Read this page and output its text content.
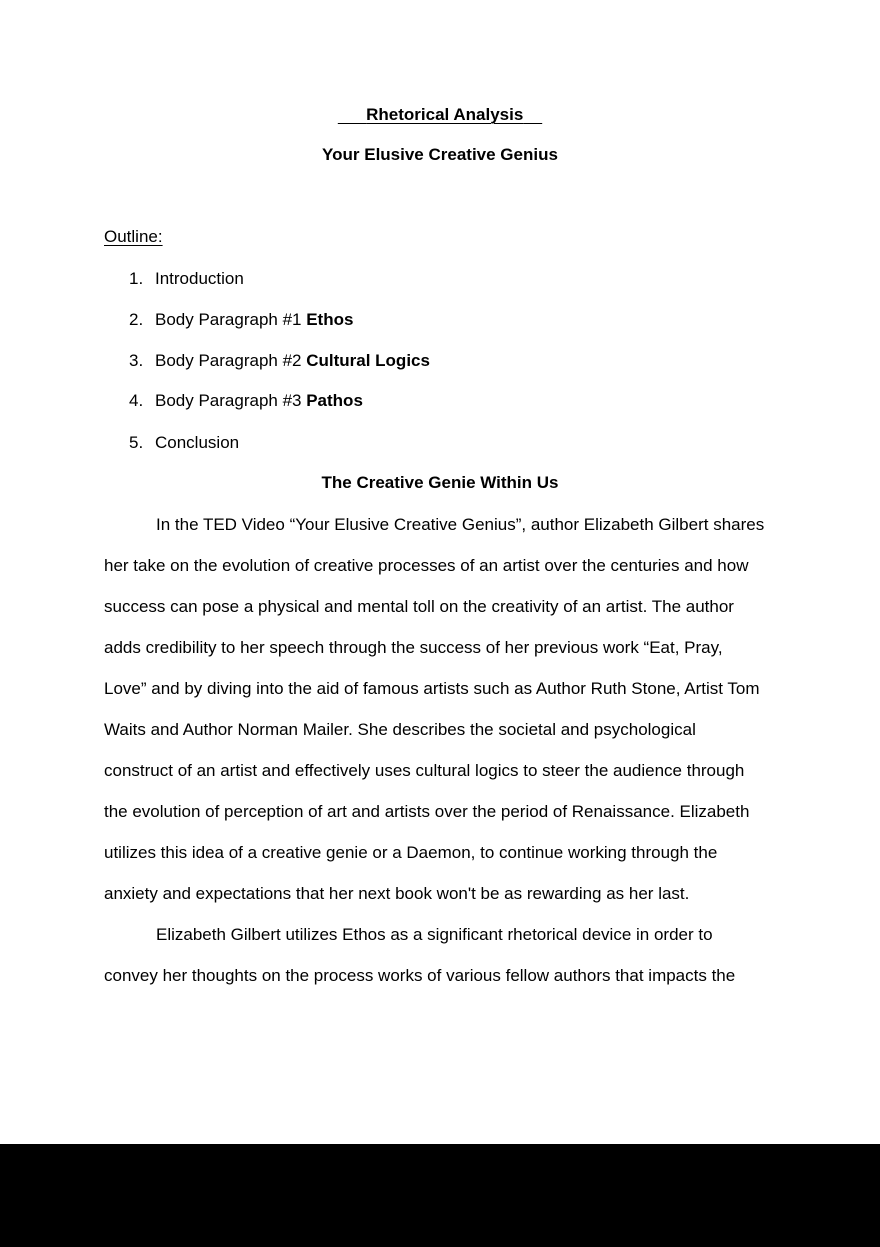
Rhetorical Analysis
Your Elusive Creative Genius
Outline:
1. Introduction
2. Body Paragraph #1 Ethos
3. Body Paragraph #2 Cultural Logics
4. Body Paragraph #3 Pathos
5. Conclusion
The Creative Genie Within Us
In the TED Video “Your Elusive Creative Genius”, author Elizabeth Gilbert shares
her take on the evolution of creative processes of an artist over the centuries and how
success can pose a physical and mental toll on the creativity of an artist. The author
adds credibility to her speech through the success of her previous work “Eat, Pray,
Love” and by diving into the aid of famous artists such as Author Ruth Stone, Artist Tom
Waits and Author Norman Mailer. She describes the societal and psychological
construct of an artist and effectively uses cultural logics to steer the audience through
the evolution of perception of art and artists over the period of Renaissance. Elizabeth
utilizes this idea of a creative genie or a Daemon, to continue working through the
anxiety and expectations that her next book won't be as rewarding as her last.
Elizabeth Gilbert utilizes Ethos as a significant rhetorical device in order to
convey her thoughts on the process works of various fellow authors that impacts the
